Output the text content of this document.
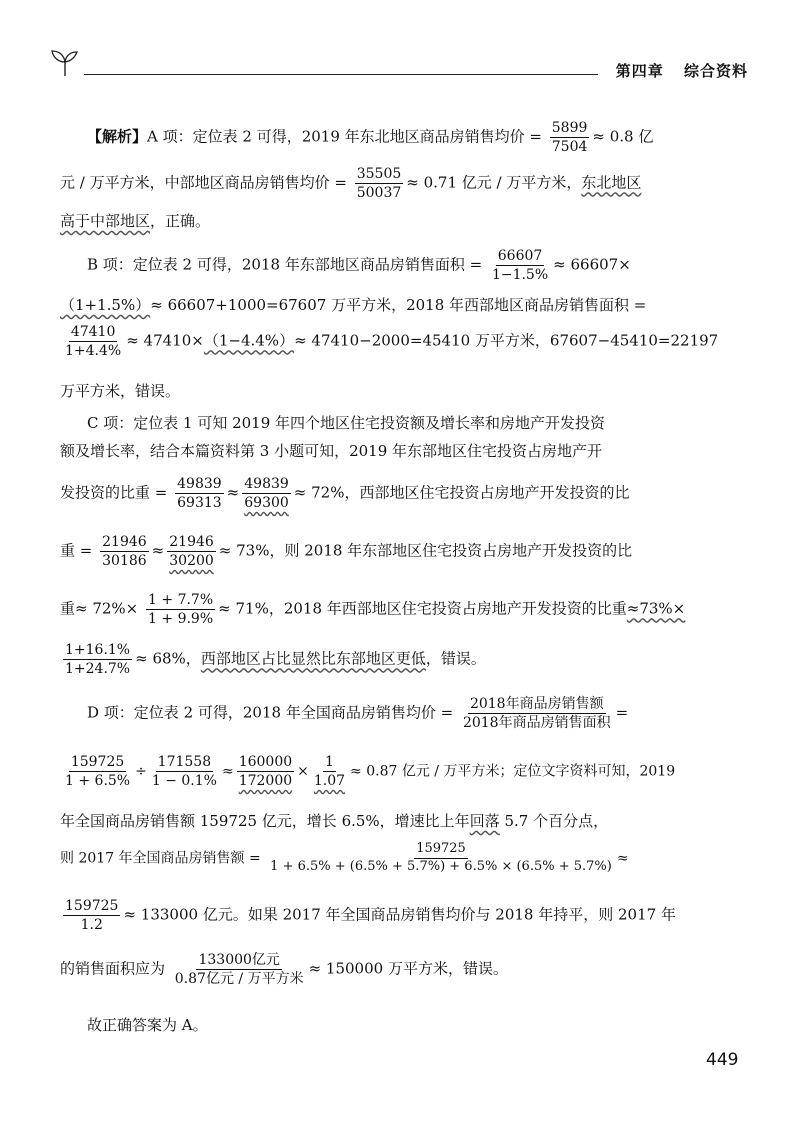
第四章 综合资料
【解析】A 项：定位表 2 可得，2019 年东北地区商品房销售均价 = $\frac{5899}{7504} \approx 0.8$ 亿
元 / 万平方米，中部地区商品房销售均价 = $\frac{35505}{50037} \approx 0.71$ 亿元 / 万平方米，东北地区
高于中部地区，正确。
B 项：定位表 2 可得，2018 年东部地区商品房销售面积 = $\frac{66607}{1-1.5\%} \approx 66607\times$
（1+1.5%）≈ 66607+1000=67607 万平方米，2018 年西部地区商品房销售面积 =
$\frac{47410}{1+4.4\%} \approx 47410\times(1-4.4\%)\approx 47410-2000=45410$ 万平方米，67607−45410=22197
万平方米，错误。
C 项：定位表 1 可知 2019 年四个地区住宅投资额及增长率和房地产开发投资
额及增长率，结合本篇资料第 3 小题可知，2019 年东部地区住宅投资占房地产开
发投资的比重 = $\frac{49839}{69313} \approx \frac{49839}{69300} \approx 72\%$，西部地区住宅投资占房地产开发投资的比
重 = $\frac{21946}{30186} \approx \frac{21946}{30200} \approx 73\%$，则 2018 年东部地区住宅投资占房地产开发投资的比
重≈ $72\%\times \frac{1 + 7.7\%}{1 + 9.9\%} \approx 71\%$，2018 年西部地区住宅投资占房地产开发投资的比重≈73%×
$\frac{1+16.1\%}{1+24.7\%} \approx 68\%$，西部地区占比显然比东部地区更低，错误。
D 项：定位表 2 可得，2018 年全国商品房销售均价 = $\frac{\text{2018年商品房销售额}}{\text{2018年商品房销售面积}}$ =
$\frac{159725}{1 + 6.5\%} \div \frac{171558}{1 - 0.1\%} \approx \frac{160000}{172000} \times \frac{1}{1.07} \approx 0.87$ 亿元 / 万平方米；定位文字资料可知，2019
年全国商品房销售额 159725 亿元，增长 6.5%，增速比上年回落 5.7 个百分点，
则 2017 年全国商品房销售额 = $\frac{159725}{1 + 6.5\% + (6.5\% + 5.7\%) + 6.5\% \times (6.5\% + 5.7\%)}$ ≈
$\frac{159725}{1.2} \approx 133000$ 亿元。如果 2017 年全国商品房销售均价与 2018 年持平，则 2017 年
的销售面积应为 $\frac{\text{133000亿元}}{\text{0.87亿元 / 万平方米}} \approx 150000$ 万平方米，错误。
故正确答案为 A。
449
